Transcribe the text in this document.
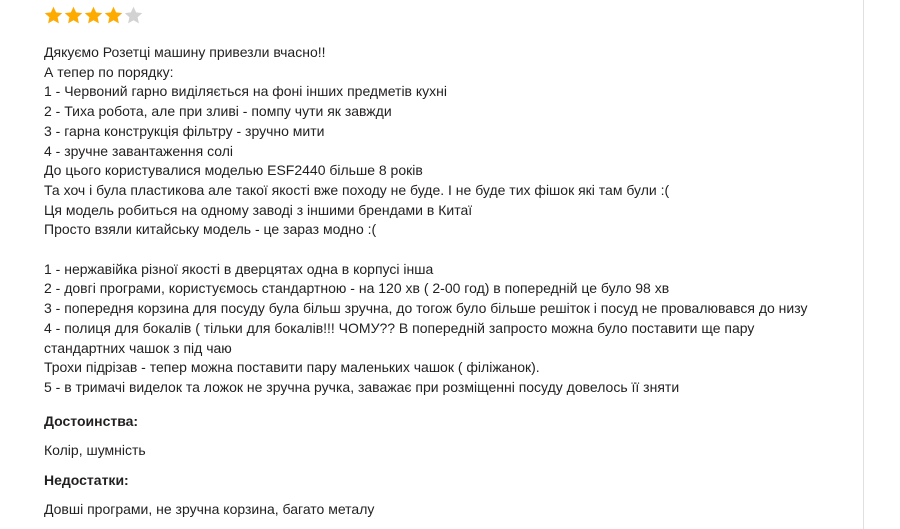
Дякуємо Розетці машину привезли вчасно!!
А тепер по порядку:
1 - Червоний гарно виділяється на фоні інших предметів кухні
2 - Тиха робота, але при зливі - помпу чути як завжди
3 - гарна конструкція фільтру - зручно мити
4 - зручне завантаження солі
До цього користувалися моделью ESF2440 більше 8 років
Та хоч і була пластикова але такої якості вже походу не буде. І не буде тих фішок які там були :(
Ця модель робиться на одному заводі з іншими брендами в Китаї
Просто взяли китайську модель - це зараз модно :(
1 - нержавійка різної якості в дверцятах одна в корпусі інша
2 - довгі програми, користуємось стандартною - на 120 хв ( 2-00 год) в попередній це було 98 хв
3 - попередня корзина для посуду була більш зручна, до тогож було більше решіток і посуд не провалювався до низу
4 - полиця для бокалів ( тільки для бокалів!!! ЧОМУ?? В попередній запросто можна було поставити ще пару
стандартних чашок з під чаю
Трохи підрізав - тепер можна поставити пару маленьких чашок ( філіжанок).
5 - в тримачі виделок та ложок не зручна ручка, заважає при розміщенні посуду довелось її зняти
Достоинства:
Колір, шумність
Недостатки:
Довші програми, не зручна корзина, багато металу
